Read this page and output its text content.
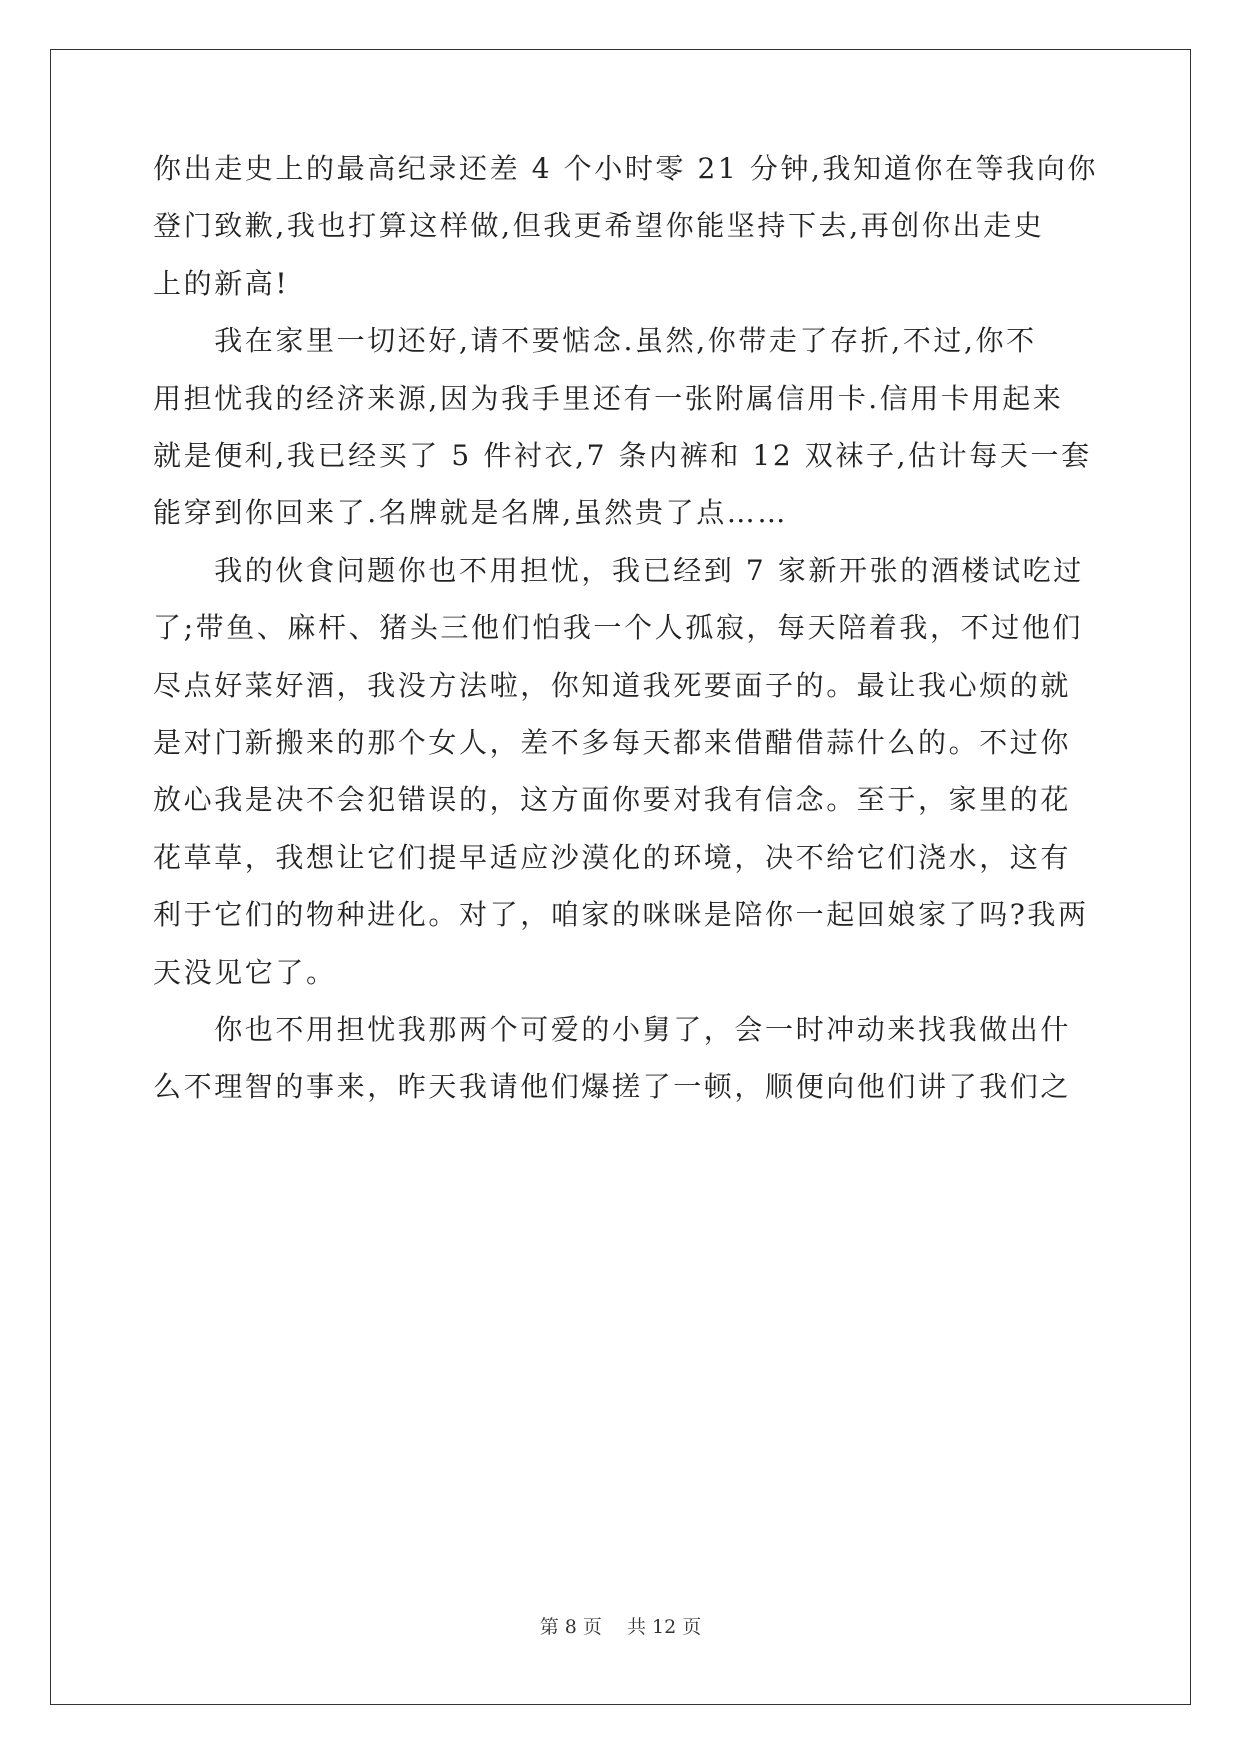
你出走史上的最高纪录还差 4 个小时零 21 分钟,我知道你在等我向你
登门致歉,我也打算这样做,但我更希望你能坚持下去,再创你出走史
上的新高!
　　我在家里一切还好,请不要惦念.虽然,你带走了存折,不过,你不
用担忧我的经济来源,因为我手里还有一张附属信用卡.信用卡用起来
就是便利,我已经买了 5 件衬衣,7 条内裤和 12 双袜子,估计每天一套
能穿到你回来了.名牌就是名牌,虽然贵了点……
　　我的伙食问题你也不用担忧，我已经到 7 家新开张的酒楼试吃过
了;带鱼、麻杆、猪头三他们怕我一个人孤寂，每天陪着我，不过他们
尽点好菜好酒，我没方法啦，你知道我死要面子的。最让我心烦的就
是对门新搬来的那个女人，差不多每天都来借醋借蒜什么的。不过你
放心我是决不会犯错误的，这方面你要对我有信念。至于，家里的花
花草草，我想让它们提早适应沙漠化的环境，决不给它们浇水，这有
利于它们的物种进化。对了，咱家的咪咪是陪你一起回娘家了吗?我两
天没见它了。
　　你也不用担忧我那两个可爱的小舅了，会一时冲动来找我做出什
么不理智的事来，昨天我请他们爆搓了一顿，顺便向他们讲了我们之
第 8 页　 共 12 页
